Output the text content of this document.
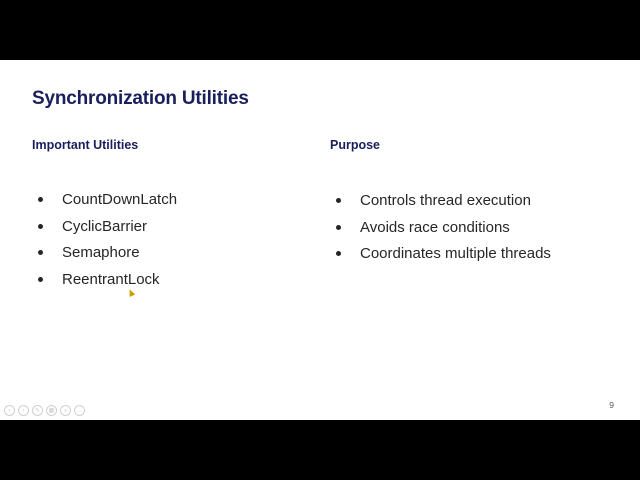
Synchronization Utilities
Important Utilities	Purpose
CountDownLatch
CyclicBarrier
Semaphore
ReentrantLock
Controls thread execution
Avoids race conditions
Coordinates multiple threads
9
‹	›	✎	▦	⌕	…
